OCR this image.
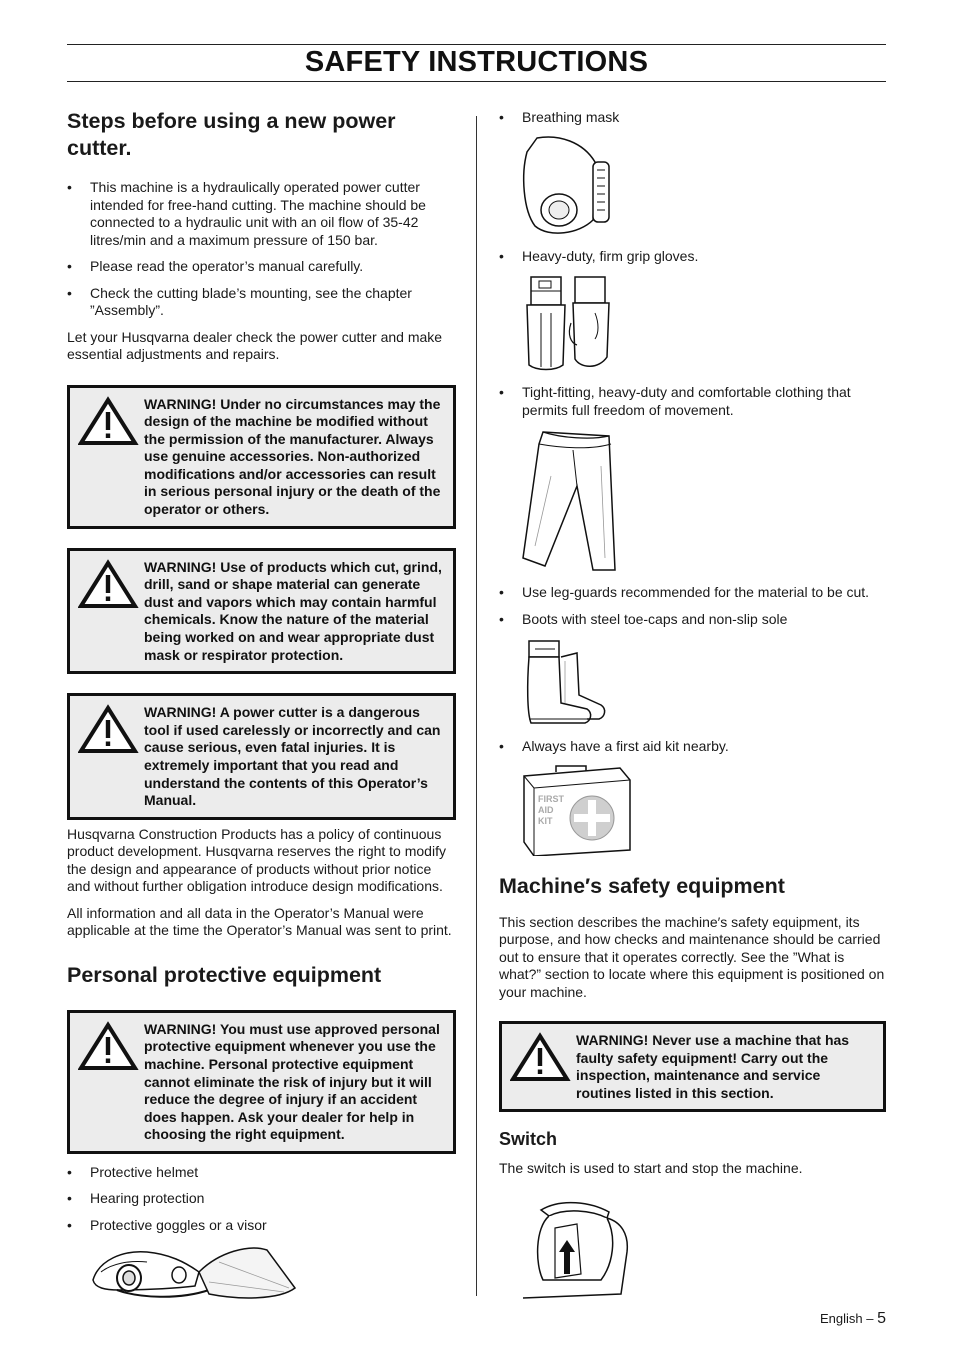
SAFETY INSTRUCTIONS
Steps before using a new power cutter.
• This machine is a hydraulically operated power cutter intended for free-hand cutting. The machine should be connected to a hydraulic unit with an oil flow of 35-42 litres/min and a maximum pressure of 150 bar.
• Please read the operator’s manual carefully.
• Check the cutting blade’s mounting, see the chapter ”Assembly”.

Let your Husqvarna dealer check the power cutter and make essential adjustments and repairs.

WARNING! Under no circumstances may the design of the machine be modified without the permission of the manufacturer. Always use genuine accessories. Non-authorized modifications and/or accessories can result in serious personal injury or the death of the operator or others.
WARNING! Use of products which cut, grind, drill, sand or shape material can generate dust and vapors which may contain harmful chemicals. Know the nature of the material being worked on and wear appropriate dust mask or respirator protection.
WARNING! A power cutter is a dangerous tool if used carelessly or incorrectly and can cause serious, even fatal injuries. It is extremely important that you read and understand the contents of this Operator’s Manual.

Husqvarna Construction Products has a policy of continuous product development. Husqvarna reserves the right to modify the design and appearance of products without prior notice and without further obligation introduce design modifications.

All information and all data in the Operator’s Manual were applicable at the time the Operator’s Manual was sent to print.

Personal protective equipment
WARNING! You must use approved personal protective equipment whenever you use the machine. Personal protective equipment cannot eliminate the risk of injury but it will reduce the degree of injury if an accident does happen. Ask your dealer for help in choosing the right equipment.
• Protective helmet
• Hearing protection
• Protective goggles or a visor
• Breathing mask
• Heavy-duty, firm grip gloves.
• Tight-fitting, heavy-duty and comfortable clothing that permits full freedom of movement.
• Use leg-guards recommended for the material to be cut.
• Boots with steel toe-caps and non-slip sole
• Always have a first aid kit nearby.
FIRST
AID
KIT
Machine′s safety equipment

This section describes the machine′s safety equipment, its purpose, and how checks and maintenance should be carried out to ensure that it operates correctly. See the ”What is what?” section to locate where this equipment is positioned on your machine.

WARNING! Never use a machine that has faulty safety equipment! Carry out the inspection, maintenance and service routines listed in this section.
Switch

The switch is used to start and stop the machine.

English – 5
